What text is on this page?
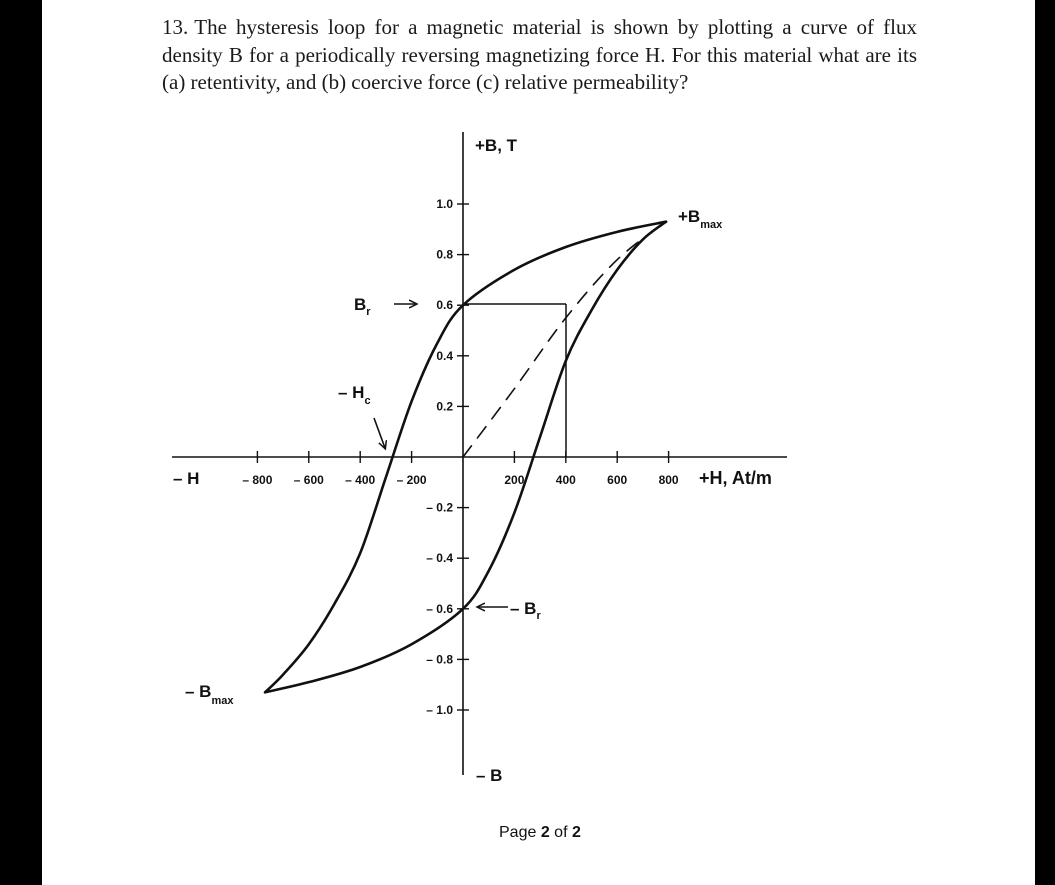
13. The hysteresis loop for a magnetic material is shown by plotting a curve of flux density B for a periodically reversing magnetizing force H. For this material what are its (a) retentivity, and (b) coercive force (c) relative permeability?
1.0
0.8
0.6
0.4
0.2
– 0.2
– 0.4
– 0.6
– 0.8
– 1.0
– 800 – 600 – 400 – 200	200	400	600	800
+B, T
– B
– H	+H, At/m
$+B_{max}$
– $B_{max}$
$B_r$
– $B_r$
– $H_c$
Page 2 of 2
